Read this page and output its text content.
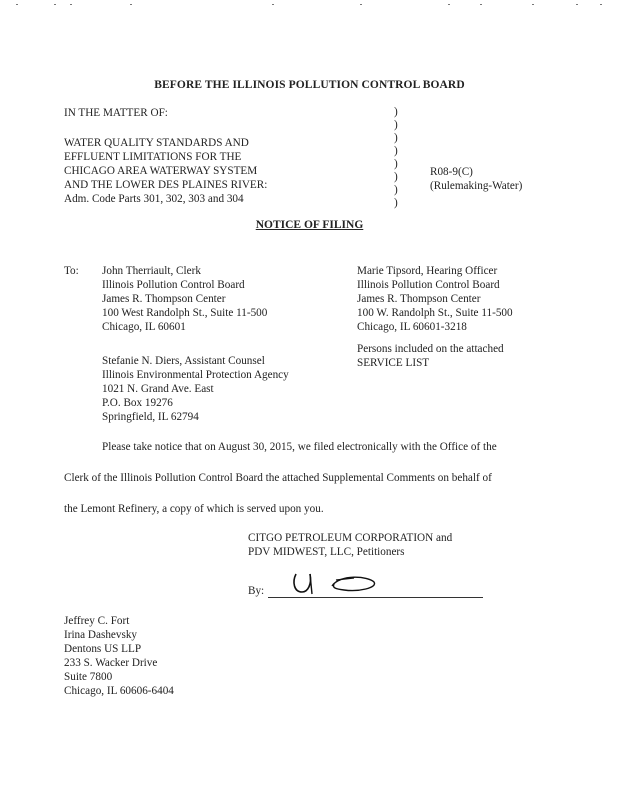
BEFORE THE ILLINOIS POLLUTION CONTROL BOARD
IN THE MATTER OF:
WATER QUALITY STANDARDS AND
EFFLUENT LIMITATIONS FOR THE
CHICAGO AREA WATERWAY SYSTEM
AND THE LOWER DES PLAINES RIVER:
Adm. Code Parts 301, 302, 303 and 304
)
)
)
)
)
)
)
)
R08-9(C)
(Rulemaking-Water)
NOTICE OF FILING
To: John Therriault, Clerk
Illinois Pollution Control Board
James R. Thompson Center
100 West Randolph St., Suite 11-500
Chicago, IL 60601
Marie Tipsord, Hearing Officer
Illinois Pollution Control Board
James R. Thompson Center
100 W. Randolph St., Suite 11-500
Chicago, IL 60601-3218
Persons included on the attached
SERVICE LIST
Stefanie N. Diers, Assistant Counsel
Illinois Environmental Protection Agency
1021 N. Grand Ave. East
P.O. Box 19276
Springfield, IL 62794
Please take notice that on August 30, 2015, we filed electronically with the Office of the
Clerk of the Illinois Pollution Control Board the attached Supplemental Comments on behalf of
the Lemont Refinery, a copy of which is served upon you.
CITGO PETROLEUM CORPORATION and
PDV MIDWEST, LLC, Petitioners
By:
Jeffrey C. Fort
Irina Dashevsky
Dentons US LLP
233 S. Wacker Drive
Suite 7800
Chicago, IL 60606-6404
